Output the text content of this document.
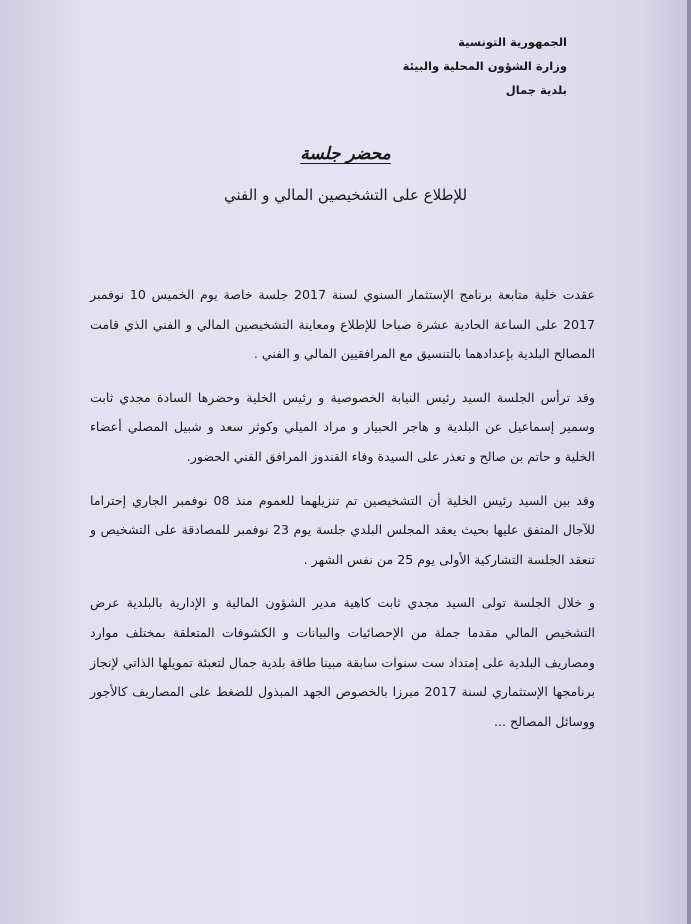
الجمهورية التونسية
وزارة الشؤون المحلية والبيئة
بلدية جمال
محضر جلسة
للإطلاع على التشخيصين المالي و الفني

عقدت خلية متابعة برنامج الإستثمار السنوي لسنة 2017 جلسة خاصة يوم الخميس 10 نوفمبر 2017 على الساعة الحادية عشرة صباحا للإطلاع ومعاينة التشخيصين المالي و الفني الذي قامت المصالح البلدية بإعدادهما بالتنسيق مع المرافقيين المالي و الفني .

وقد ترأس الجلسة السيد رئيس النيابة الخصوصية و رئيس الخلية وحضرها السادة مجدي ثابت وسمير إسماعيل عن البلدية و هاجر الحبيار و مراد الميلي وكوثر سعد و شبيل المصلي أعضاء الخلية و حاتم بن صالح و تعذر على السيدة وفاء القندوز المرافق الفني الحضور.

وقد بين السيد رئيس الخلية أن التشخيصين تم تنزيلهما للعموم منذ 08 نوفمبر الجاري إحتراما للآجال المتفق عليها بحيث يعقد المجلس البلدي جلسة يوم 23 نوفمبر للمصادقة على التشخيص و تنعقد الجلسة التشاركية الأولى يوم 25 من نفس الشهر .

و خلال الجلسة تولى السيد مجدي ثابت كاهية مدير الشؤون المالية و الإدارية بالبلدية عرض التشخيص المالي مقدما جملة من الإحصائيات والبيانات و الكشوفات المتعلقة بمختلف موارد ومصاريف البلدية على إمتداد ست سنوات سابقة مبينا طاقة بلدية جمال لتعبئة تمويلها الذاتي لإنجاز برنامجها الإستثماري لسنة 2017 مبرزا بالخصوص الجهد المبذول للضغط على المصاريف كالأجور ووسائل المصالح ...
